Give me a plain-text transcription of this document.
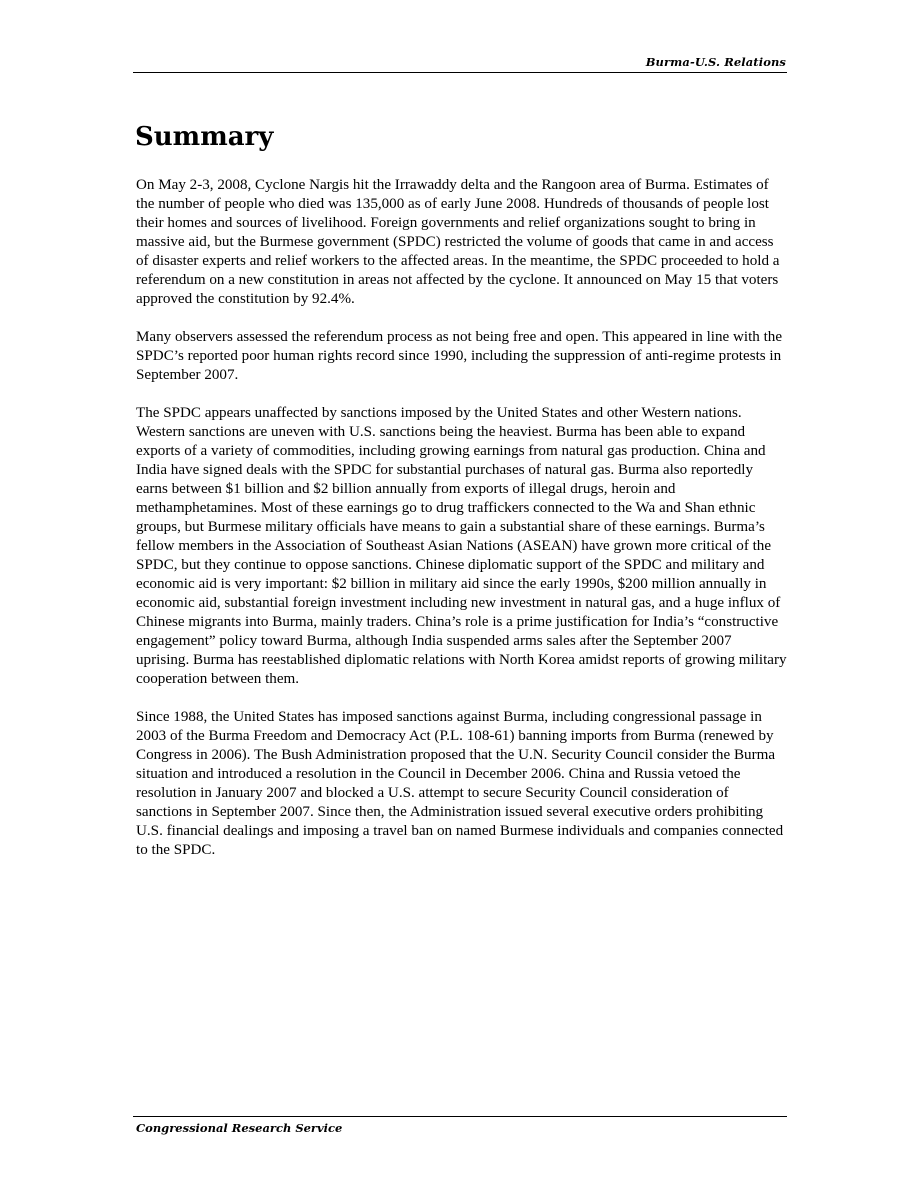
Burma-U.S. Relations
Summary

On May 2-3, 2008, Cyclone Nargis hit the Irrawaddy delta and the Rangoon area of Burma. Estimates of the number of people who died was 135,000 as of early June 2008. Hundreds of thousands of people lost their homes and sources of livelihood. Foreign governments and relief organizations sought to bring in massive aid, but the Burmese government (SPDC) restricted the volume of goods that came in and access of disaster experts and relief workers to the affected areas. In the meantime, the SPDC proceeded to hold a referendum on a new constitution in areas not affected by the cyclone. It announced on May 15 that voters approved the constitution by 92.4%.

Many observers assessed the referendum process as not being free and open. This appeared in line with the SPDC’s reported poor human rights record since 1990, including the suppression of anti-regime protests in September 2007.

The SPDC appears unaffected by sanctions imposed by the United States and other Western nations. Western sanctions are uneven with U.S. sanctions being the heaviest. Burma has been able to expand exports of a variety of commodities, including growing earnings from natural gas production. China and India have signed deals with the SPDC for substantial purchases of natural gas. Burma also reportedly earns between $1 billion and $2 billion annually from exports of illegal drugs, heroin and methamphetamines. Most of these earnings go to drug traffickers connected to the Wa and Shan ethnic groups, but Burmese military officials have means to gain a substantial share of these earnings. Burma’s fellow members in the Association of Southeast Asian Nations (ASEAN) have grown more critical of the SPDC, but they continue to oppose sanctions. Chinese diplomatic support of the SPDC and military and economic aid is very important: $2 billion in military aid since the early 1990s, $200 million annually in economic aid, substantial foreign investment including new investment in natural gas, and a huge influx of Chinese migrants into Burma, mainly traders. China’s role is a prime justification for India’s “constructive engagement” policy toward Burma, although India suspended arms sales after the September 2007 uprising. Burma has reestablished diplomatic relations with North Korea amidst reports of growing military cooperation between them.

Since 1988, the United States has imposed sanctions against Burma, including congressional passage in 2003 of the Burma Freedom and Democracy Act (P.L. 108-61) banning imports from Burma (renewed by Congress in 2006). The Bush Administration proposed that the U.N. Security Council consider the Burma situation and introduced a resolution in the Council in December 2006. China and Russia vetoed the resolution in January 2007 and blocked a U.S. attempt to secure Security Council consideration of sanctions in September 2007. Since then, the Administration issued several executive orders prohibiting U.S. financial dealings and imposing a travel ban on named Burmese individuals and companies connected to the SPDC.

Congressional Research Service
